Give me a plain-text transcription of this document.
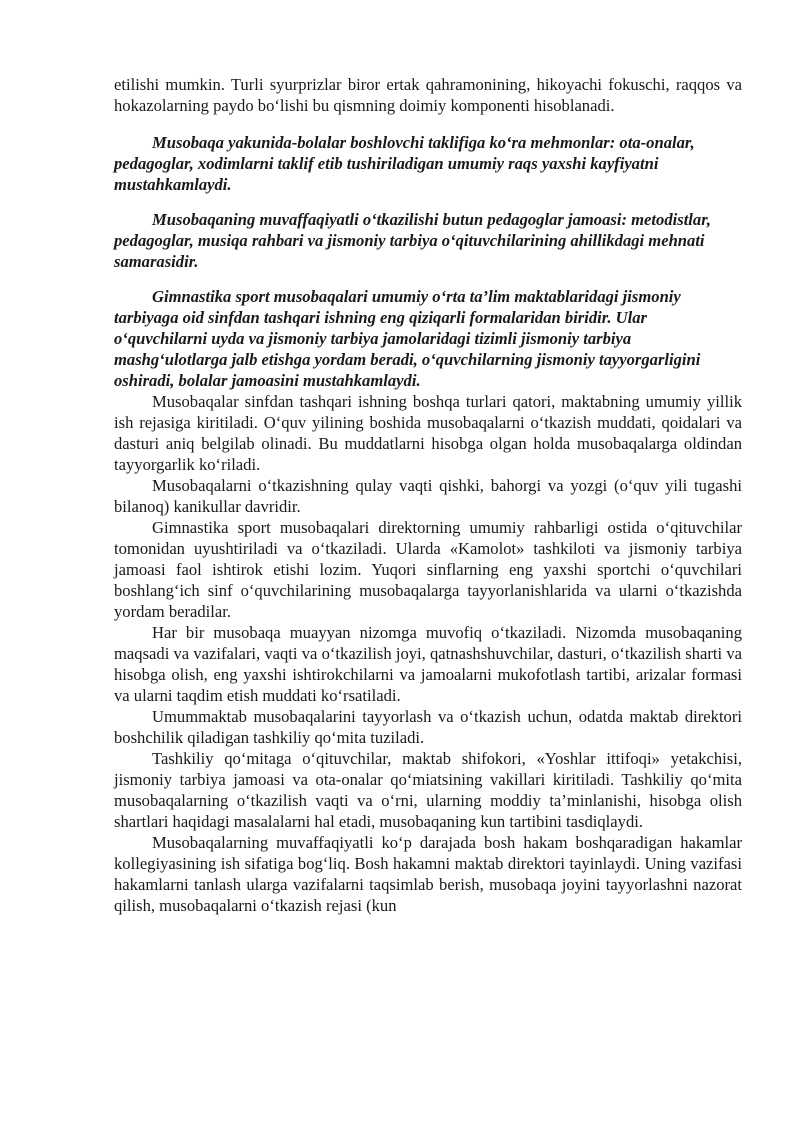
etilishi mumkin. Turli syurprizlar biror ertak qahramonining, hikoyachi fokuschi, raqqos va hokazolarning paydo bo‘lishi bu qismning doimiy komponenti hisoblanadi.

Musobaqa yakunida-bolalar boshlovchi taklifiga ko‘ra mehmonlar: ota-onalar, pedagoglar, xodimlarni taklif etib tushiriladigan umumiy raqs yaxshi kayfiyatni mustahkamlaydi.

Musobaqaning muvaffaqiyatli o‘tkazilishi butun pedagoglar jamoasi: metodistlar, pedagoglar, musiqa rahbari va jismoniy tarbiya o‘qituvchilarining ahillikdagi mehnati samarasidir.

Gimnastika sport musobaqalari umumiy o‘rta ta’lim maktablaridagi jismoniy tarbiyaga oid sinfdan tashqari ishning eng qiziqarli formalaridan biridir. Ular o‘quvchilarni uyda va jismoniy tarbiya jamolaridagi tizimli jismoniy tarbiya mashg‘ulotlarga jalb etishga yordam beradi, o‘quvchilarning jismoniy tayyorgarligini oshiradi, bolalar jamoasini mustahkamlaydi.

Musobaqalar sinfdan tashqari ishning boshqa turlari qatori, maktabning umumiy yillik ish rejasiga kiritiladi. O‘quv yilining boshida musobaqalarni o‘tkazish muddati, qoidalari va dasturi aniq belgilab olinadi. Bu muddatlarni hisobga olgan holda musobaqalarga oldindan tayyorgarlik ko‘riladi.

Musobaqalarni o‘tkazishning qulay vaqti qishki, bahorgi va yozgi (o‘quv yili tugashi bilanoq) kanikullar davridir.

Gimnastika sport musobaqalari direktorning umumiy rahbarligi ostida o‘qituvchilar tomonidan uyushtiriladi va o‘tkaziladi. Ularda «Kamolot» tashkiloti va jismoniy tarbiya jamoasi faol ishtirok etishi lozim. Yuqori sinflarning eng yaxshi sportchi o‘quvchilari boshlang‘ich sinf o‘quvchilarining musobaqalarga tayyorlanishlarida va ularni o‘tkazishda yordam beradilar.

Har bir musobaqa muayyan nizomga muvofiq o‘tkaziladi. Nizomda musobaqaning maqsadi va vazifalari, vaqti va o‘tkazilish joyi, qatnashshuvchilar, dasturi, o‘tkazilish sharti va hisobga olish, eng yaxshi ishtirokchilarni va jamoalarni mukofotlash tartibi, arizalar formasi va ularni taqdim etish muddati ko‘rsatiladi.

Umummaktab musobaqalarini tayyorlash va o‘tkazish uchun, odatda maktab direktori boshchilik qiladigan tashkiliy qo‘mita tuziladi.

Tashkiliy qo‘mitaga o‘qituvchilar, maktab shifokori, «Yoshlar ittifoqi» yetakchisi, jismoniy tarbiya jamoasi va ota-onalar qo‘miatsining vakillari kiritiladi. Tashkiliy qo‘mita musobaqalarning o‘tkazilish vaqti va o‘rni, ularning moddiy ta’minlanishi, hisobga olish shartlari haqidagi masalalarni hal etadi, musobaqaning kun tartibini tasdiqlaydi.

Musobaqalarning muvaffaqiyatli ko‘p darajada bosh hakam boshqaradigan hakamlar kollegiyasining ish sifatiga bog‘liq. Bosh hakamni maktab direktori tayinlaydi. Uning vazifasi hakamlarni tanlash ularga vazifalarni taqsimlab berish, musobaqa joyini tayyorlashni nazorat qilish, musobaqalarni o‘tkazish rejasi (kun
